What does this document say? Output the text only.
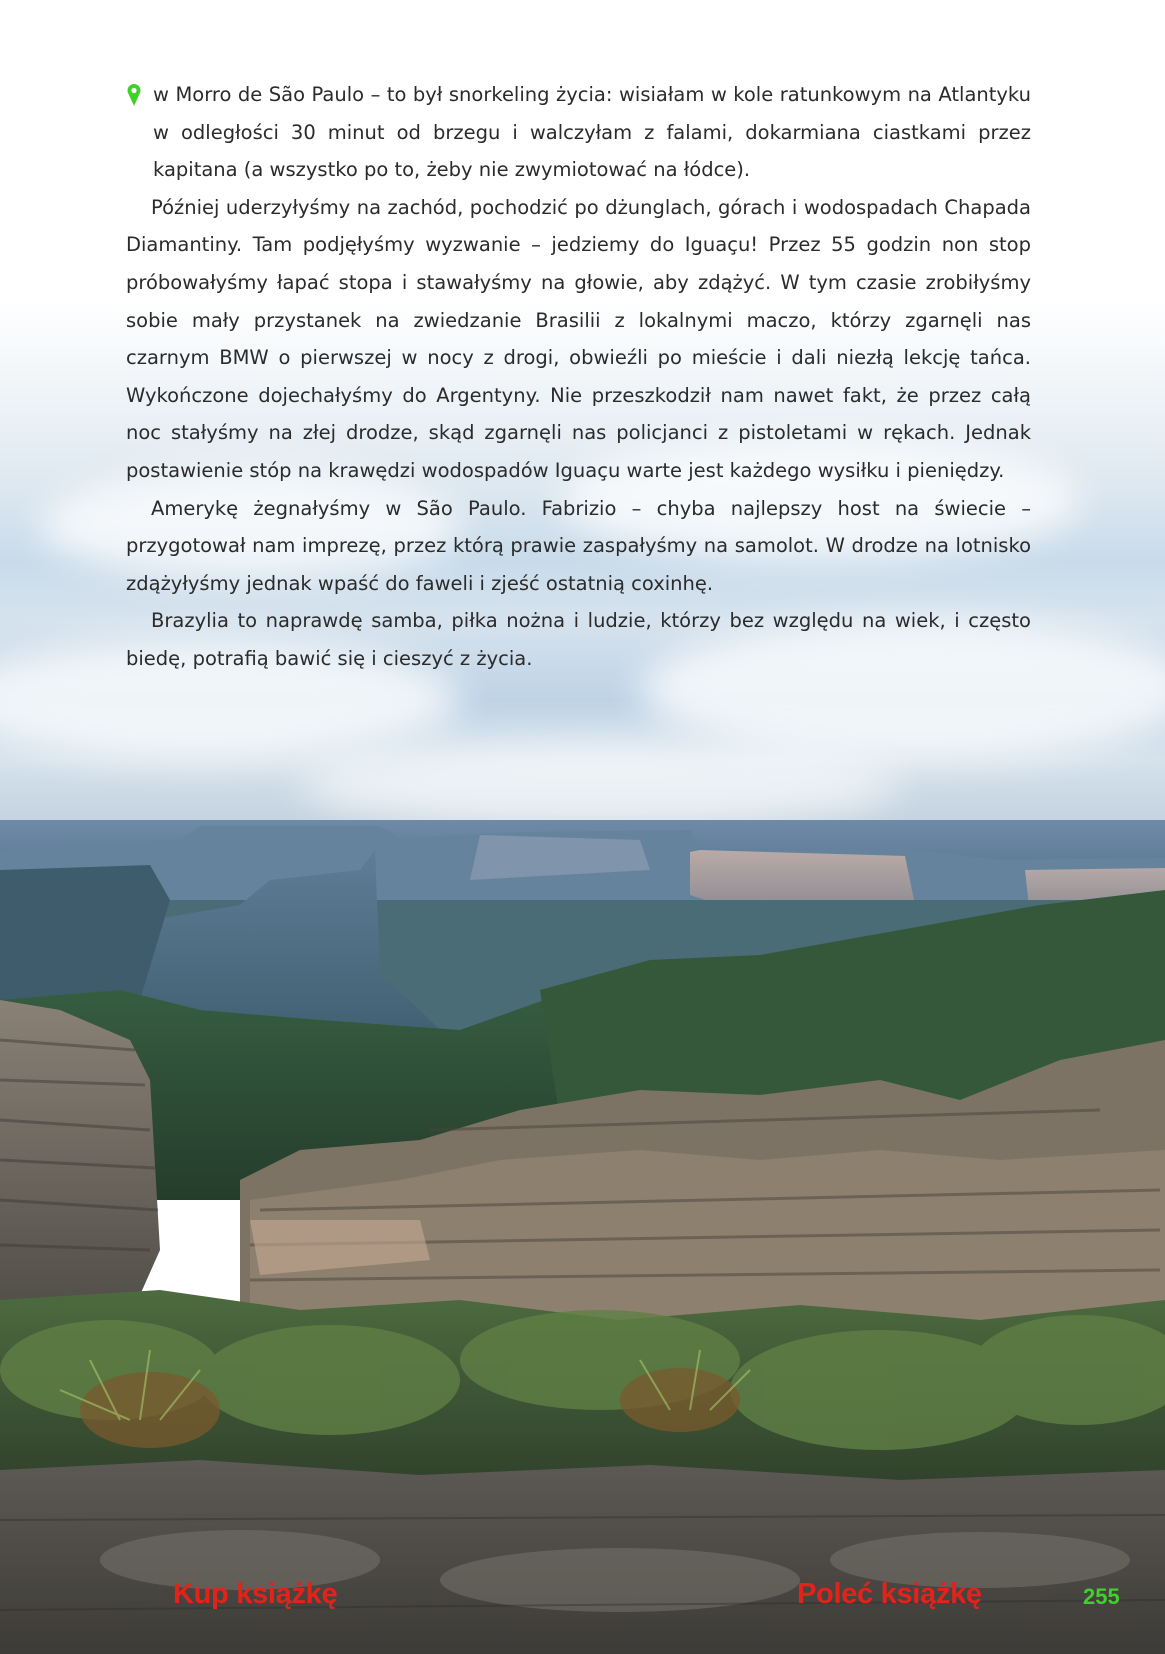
w Morro de São Paulo – to był snorkeling życia: wisiałam w kole ratunkowym na Atlantyku w odległości 30 minut od brzegu i walczyłam z falami, dokarmiana ciastkami przez kapitana (a wszystko po to, żeby nie zwymiotować na łódce).

Później uderzyłyśmy na zachód, pochodzić po dżunglach, górach i wodospadach Chapada Diamantiny. Tam podjęłyśmy wyzwanie – jedziemy do Iguaçu! Przez 55 godzin non stop próbowałyśmy łapać stopa i stawałyśmy na głowie, aby zdążyć. W tym czasie zrobiłyśmy sobie mały przystanek na zwiedzanie Brasilii z lokalnymi maczo, którzy zgarnęli nas czarnym BMW o pierwszej w nocy z drogi, obwieźli po mieście i dali niezłą lekcję tańca. Wykończone dojechałyśmy do Argentyny. Nie przeszkodził nam nawet fakt, że przez całą noc stałyśmy na złej drodze, skąd zgarnęli nas policjanci z pistoletami w rękach. Jednak postawienie stóp na krawędzi wodospadów Iguaçu warte jest każdego wysiłku i pieniędzy.

Amerykę żegnałyśmy w São Paulo. Fabrizio – chyba najlepszy host na świecie – przygotował nam imprezę, przez którą prawie zaspałyśmy na samolot. W drodze na lotnisko zdążyłyśmy jednak wpaść do faweli i zjeść ostatnią coxinhę.

Brazylia to naprawdę samba, piłka nożna i ludzie, którzy bez względu na wiek, i często biedę, potrafią bawić się i cieszyć z życia.

Kup książkę	Poleć książkę	255
